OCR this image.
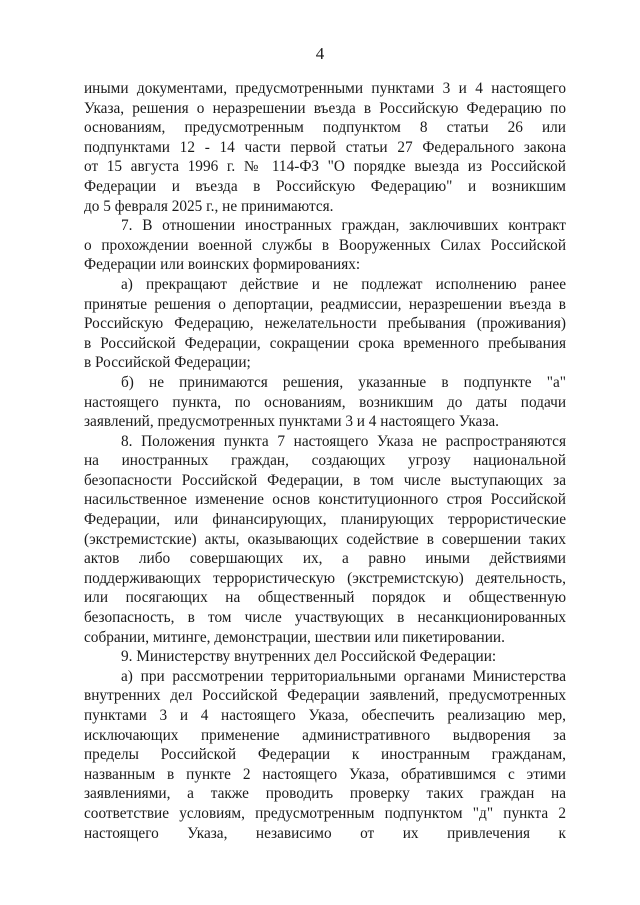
4
иными документами, предусмотренными пунктами 3 и 4 настоящего
Указа, решения о неразрешении въезда в Российскую Федерацию по
основаниям, предусмотренным подпунктом 8 статьи 26 или
подпунктами 12 - 14 части первой статьи 27 Федерального закона
от 15 августа 1996 г. № 114-ФЗ "О порядке выезда из Российской
Федерации и въезда в Российскую Федерацию" и возникшим
до 5 февраля 2025 г., не принимаются.
7. В отношении иностранных граждан, заключивших контракт
о прохождении военной службы в Вооруженных Силах Российской
Федерации или воинских формированиях:
а) прекращают действие и не подлежат исполнению ранее
принятые решения о депортации, реадмиссии, неразрешении въезда в
Российскую Федерацию, нежелательности пребывания (проживания)
в Российской Федерации, сокращении срока временного пребывания
в Российской Федерации;
б) не принимаются решения, указанные в подпункте "а"
настоящего пункта, по основаниям, возникшим до даты подачи
заявлений, предусмотренных пунктами 3 и 4 настоящего Указа.
8. Положения пункта 7 настоящего Указа не распространяются
на иностранных граждан, создающих угрозу национальной
безопасности Российской Федерации, в том числе выступающих за
насильственное изменение основ конституционного строя Российской
Федерации, или финансирующих, планирующих террористические
(экстремистские) акты, оказывающих содействие в совершении таких
актов либо совершающих их, а равно иными действиями
поддерживающих террористическую (экстремистскую) деятельность,
или посягающих на общественный порядок и общественную
безопасность, в том числе участвующих в несанкционированных
собрании, митинге, демонстрации, шествии или пикетировании.
9. Министерству внутренних дел Российской Федерации:
а) при рассмотрении территориальными органами Министерства
внутренних дел Российской Федерации заявлений, предусмотренных
пунктами 3 и 4 настоящего Указа, обеспечить реализацию мер,
исключающих применение административного выдворения за
пределы Российской Федерации к иностранным гражданам,
названным в пункте 2 настоящего Указа, обратившимся с этими
заявлениями, а также проводить проверку таких граждан на
соответствие условиям, предусмотренным подпунктом "д" пункта 2
настоящего Указа, независимо от их привлечения к
